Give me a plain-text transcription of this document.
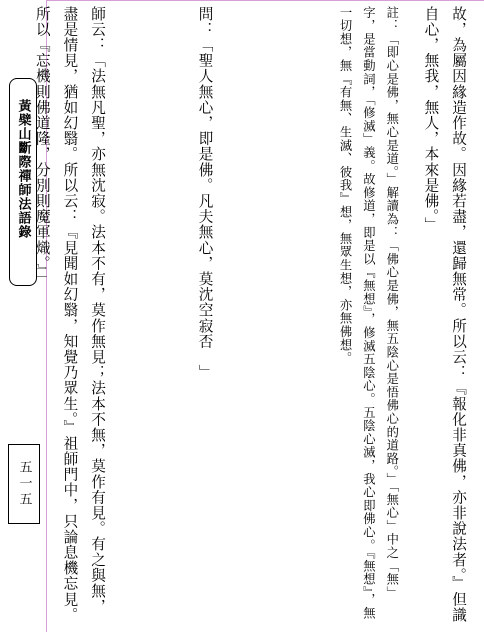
黃檗山斷際禪師法語錄
五一五	故，為屬因緣造作故。因緣若盡，還歸無常。所以云：『報化非真佛，亦非說法者。』但識自心，無我，無人，本來是佛。」

註：「即心是佛，無心是道。」解讀為：「佛心是佛，無五陰心是悟佛心的道路。」「無心」中之「無」字，是當動詞，「修滅」義。故修道，即是以『無想』，修滅五陰心。五陰心滅，我心即佛心。『無想』，無一切想，無『有無、生滅、彼我』想，無眾生想，亦無佛想。

問：「聖人無心，即是佛。凡夫無心，莫沈空寂否　」

師云：「法無凡聖，亦無沈寂。法本不有，莫作無見；法本不無，莫作有見。有之與無，盡是情見，猶如幻翳。所以云：『見聞如幻翳，知覺乃眾生。』祖師門中，只論息機忘見。所以『忘機則佛道隆，分別則魔軍熾。』」
